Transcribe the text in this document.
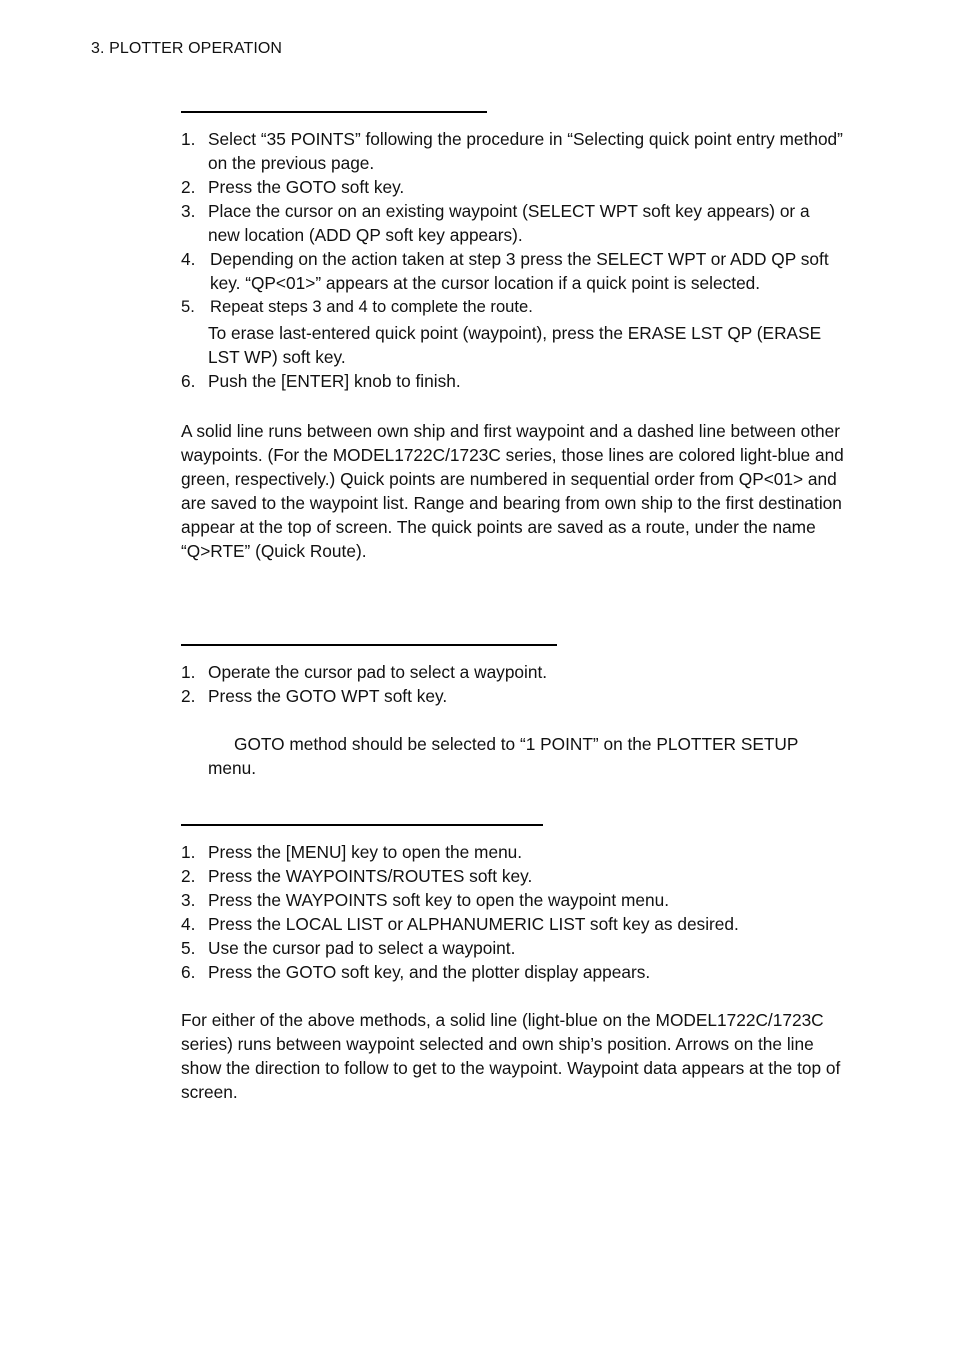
3. PLOTTER OPERATION
1. Select “35 POINTS” following the procedure in “Selecting quick point entry method” on the previous page.
2. Press the GOTO soft key.
3. Place the cursor on an existing waypoint (SELECT WPT soft key appears) or a new location (ADD QP soft key appears).
4. Depending on the action taken at step 3 press the SELECT WPT or ADD QP soft key. “QP<01>” appears at the cursor location if a quick point is selected.
5. Repeat steps 3 and 4 to complete the route.
To erase last-entered quick point (waypoint), press the ERASE LST QP (ERASE LST WP) soft key.
6. Push the [ENTER] knob to finish.

A solid line runs between own ship and first waypoint and a dashed line between other waypoints. (For the MODEL1722C/1723C series, those lines are colored light-blue and green, respectively.) Quick points are numbered in sequential order from QP<01> and are saved to the waypoint list. Range and bearing from own ship to the first destination appear at the top of screen. The quick points are saved as a route, under the name “Q>RTE” (Quick Route).

1. Operate the cursor pad to select a waypoint.
2. Press the GOTO WPT soft key.

GOTO method should be selected to “1 POINT” on the PLOTTER SETUP menu.

1. Press the [MENU] key to open the menu.
2. Press the WAYPOINTS/ROUTES soft key.
3. Press the WAYPOINTS soft key to open the waypoint menu.
4. Press the LOCAL LIST or ALPHANUMERIC LIST soft key as desired.
5. Use the cursor pad to select a waypoint.
6. Press the GOTO soft key, and the plotter display appears.

For either of the above methods, a solid line (light-blue on the MODEL1722C/1723C series) runs between waypoint selected and own ship’s position. Arrows on the line show the direction to follow to get to the waypoint. Waypoint data appears at the top of screen.
